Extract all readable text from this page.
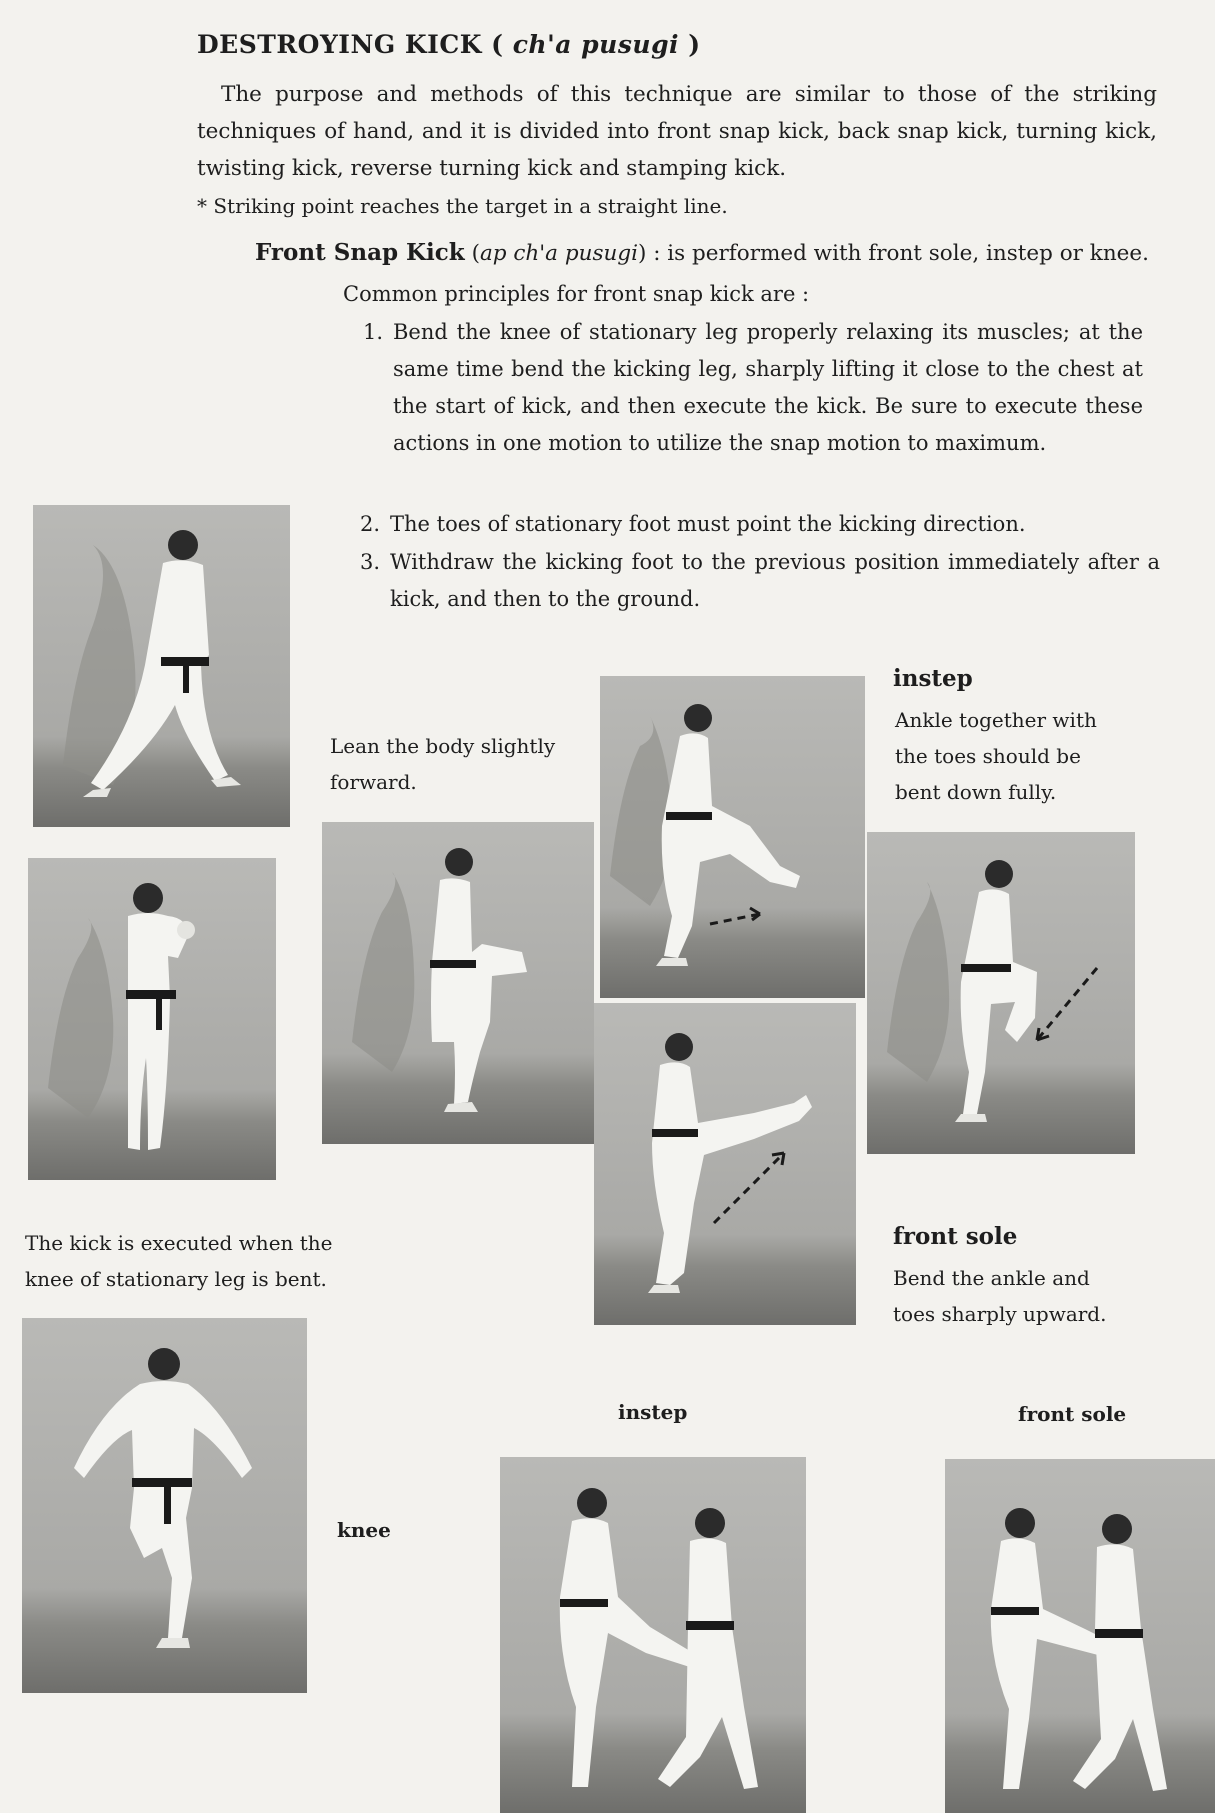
DESTROYING KICK ( ch'a pusugi )
The purpose and methods of this technique are similar to those of the striking techniques of hand, and it is divided into front snap kick, back snap kick, turning kick, twisting kick, reverse turning kick and stamping kick.
* Striking point reaches the target in a straight line.
Front Snap Kick (ap ch'a pusugi) : is performed with front sole, instep or knee.
Common principles for front snap kick are :
1. Bend the knee of stationary leg properly relaxing its muscles; at the same time bend the kicking leg, sharply lifting it close to the chest at the start of kick, and then execute the kick. Be sure to execute these actions in one motion to utilize the snap motion to maximum.
2. The toes of stationary foot must point the kicking direction.
3. Withdraw the kicking foot to the previous position immediately after a kick, and then to the ground.
Lean the body slightly forward.
instep
Ankle together with the toes should be bent down fully.
front sole
Bend the ankle and toes sharply upward.
The kick is executed when the knee of stationary leg is bent.
knee
instep	front sole
